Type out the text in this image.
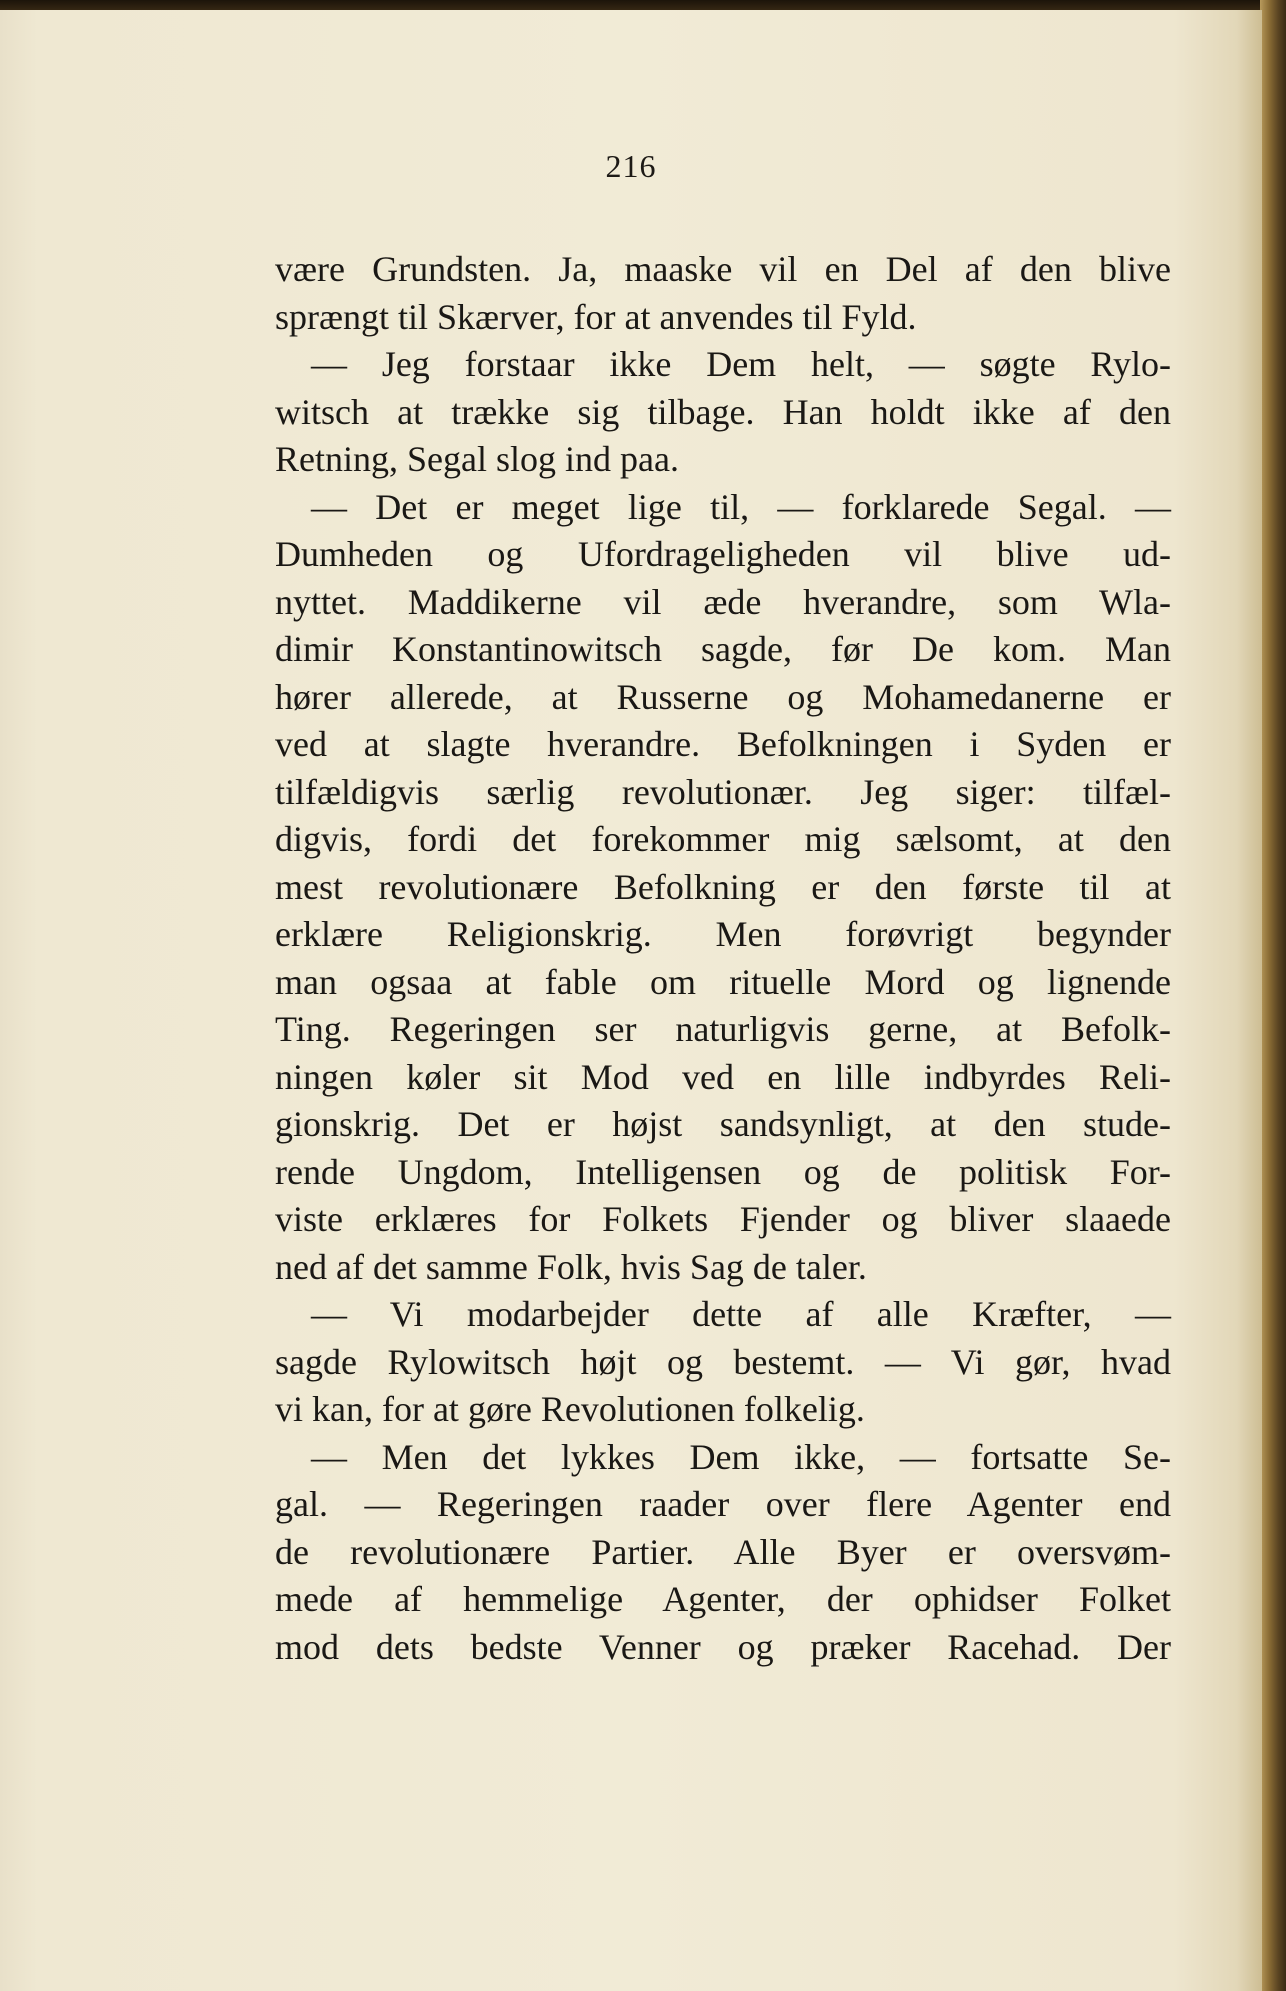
216
være Grundsten. Ja, maaske vil en Del af den blive
sprængt til Skærver, for at anvendes til Fyld.
— Jeg forstaar ikke Dem helt, — søgte Rylo-
witsch at trække sig tilbage. Han holdt ikke af den
Retning, Segal slog ind paa.
— Det er meget lige til, — forklarede Segal. —
Dumheden og Ufordrageligheden vil blive ud-
nyttet. Maddikerne vil æde hverandre, som Wla-
dimir Konstantinowitsch sagde, før De kom. Man
hører allerede, at Russerne og Mohamedanerne er
ved at slagte hverandre. Befolkningen i Syden er
tilfældigvis særlig revolutionær. Jeg siger: tilfæl-
digvis, fordi det forekommer mig sælsomt, at den
mest revolutionære Befolkning er den første til at
erklære Religionskrig. Men forøvrigt begynder
man ogsaa at fable om rituelle Mord og lignende
Ting. Regeringen ser naturligvis gerne, at Befolk-
ningen køler sit Mod ved en lille indbyrdes Reli-
gionskrig. Det er højst sandsynligt, at den stude-
rende Ungdom, Intelligensen og de politisk For-
viste erklæres for Folkets Fjender og bliver slaaede
ned af det samme Folk, hvis Sag de taler.
— Vi modarbejder dette af alle Kræfter, —
sagde Rylowitsch højt og bestemt. — Vi gør, hvad
vi kan, for at gøre Revolutionen folkelig.
— Men det lykkes Dem ikke, — fortsatte Se-
gal. — Regeringen raader over flere Agenter end
de revolutionære Partier. Alle Byer er oversvøm-
mede af hemmelige Agenter, der ophidser Folket
mod dets bedste Venner og præker Racehad. Der
